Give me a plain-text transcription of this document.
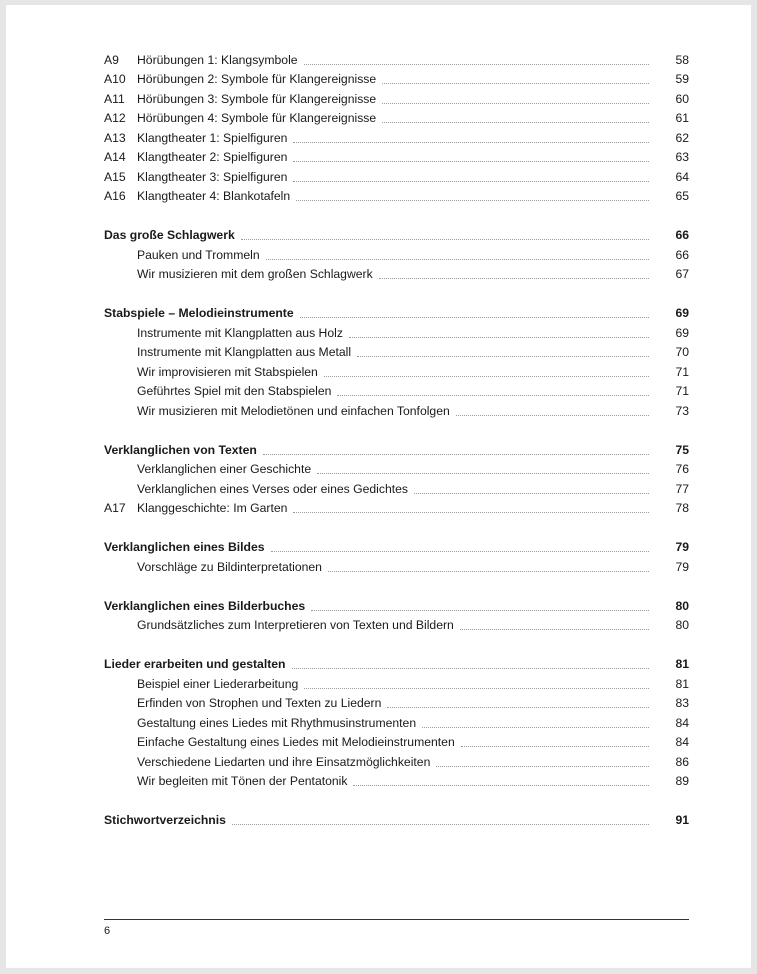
A9 Hörübungen 1: Klangsymbole	58
A10 Hörübungen 2: Symbole für Klangereignisse	59
A11 Hörübungen 3: Symbole für Klangereignisse	60
A12 Hörübungen 4: Symbole für Klangereignisse	61
A13 Klangtheater 1: Spielfiguren	62
A14 Klangtheater 2: Spielfiguren	63
A15 Klangtheater 3: Spielfiguren	64
A16 Klangtheater 4: Blankotafeln	65
Das große Schlagwerk	66
Pauken und Trommeln	66
Wir musizieren mit dem großen Schlagwerk	67
Stabspiele – Melodieinstrumente	69
Instrumente mit Klangplatten aus Holz	69
Instrumente mit Klangplatten aus Metall	70
Wir improvisieren mit Stabspielen	71
Geführtes Spiel mit den Stabspielen	71
Wir musizieren mit Melodietönen und einfachen Tonfolgen	73
Verklanglichen von Texten	75
Verklanglichen einer Geschichte	76
Verklanglichen eines Verses oder eines Gedichtes	77
A17 Klanggeschichte: Im Garten	78
Verklanglichen eines Bildes	79
Vorschläge zu Bildinterpretationen	79
Verklanglichen eines Bilderbuches	80
Grundsätzliches zum Interpretieren von Texten und Bildern	80
Lieder erarbeiten und gestalten	81
Beispiel einer Liederarbeitung	81
Erfinden von Strophen und Texten zu Liedern	83
Gestaltung eines Liedes mit Rhythmusinstrumenten	84
Einfache Gestaltung eines Liedes mit Melodieinstrumenten	84
Verschiedene Liedarten und ihre Einsatzmöglichkeiten	86
Wir begleiten mit Tönen der Pentatonik	89
Stichwortverzeichnis	91
6
